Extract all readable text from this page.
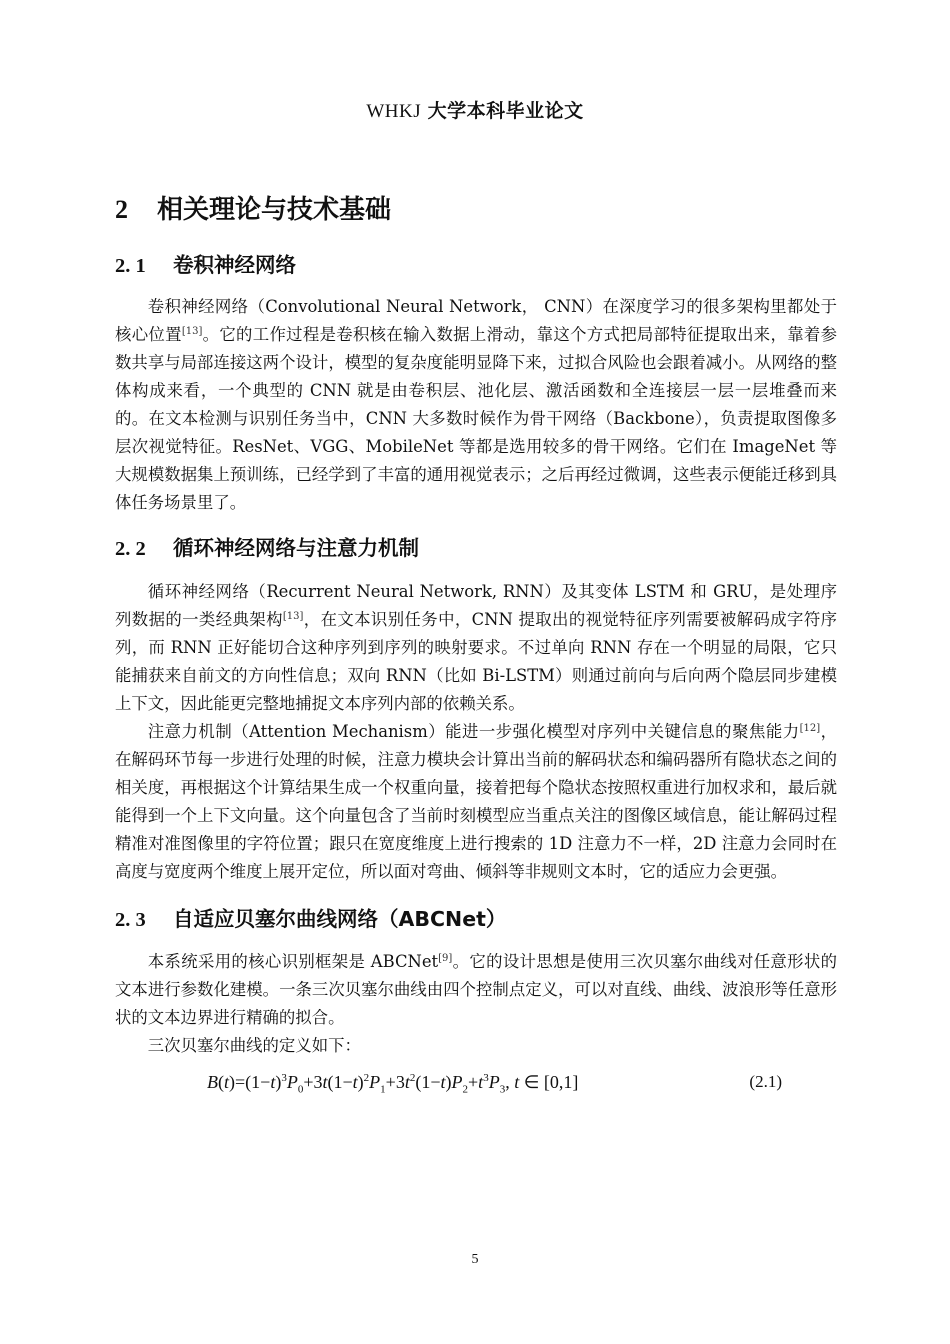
WHKJ 大学本科毕业论文
2 相关理论与技术基础
2. 1 卷积神经网络

卷积神经网络（Convolutional Neural Network， CNN）在深度学习的很多架构里都处于核心位置[13]。它的工作过程是卷积核在输入数据上滑动，靠这个方式把局部特征提取出来，靠着参数共享与局部连接这两个设计，模型的复杂度能明显降下来，过拟合风险也会跟着减小。从网络的整体构成来看，一个典型的 CNN 就是由卷积层、池化层、激活函数和全连接层一层一层堆叠而来的。在文本检测与识别任务当中，CNN 大多数时候作为骨干网络（Backbone），负责提取图像多层次视觉特征。ResNet、VGG、MobileNet 等都是选用较多的骨干网络。它们在 ImageNet 等大规模数据集上预训练，已经学到了丰富的通用视觉表示；之后再经过微调，这些表示便能迁移到具体任务场景里了。

2. 2 循环神经网络与注意力机制

循环神经网络（Recurrent Neural Network, RNN）及其变体 LSTM 和 GRU，是处理序列数据的一类经典架构[13]，在文本识别任务中，CNN 提取出的视觉特征序列需要被解码成字符序列，而 RNN 正好能切合这种序列到序列的映射要求。不过单向 RNN 存在一个明显的局限，它只能捕获来自前文的方向性信息；双向 RNN（比如 Bi-LSTM）则通过前向与后向两个隐层同步建模上下文，因此能更完整地捕捉文本序列内部的依赖关系。

注意力机制（Attention Mechanism）能进一步强化模型对序列中关键信息的聚焦能力[12]，在解码环节每一步进行处理的时候，注意力模块会计算出当前的解码状态和编码器所有隐状态之间的相关度，再根据这个计算结果生成一个权重向量，接着把每个隐状态按照权重进行加权求和，最后就能得到一个上下文向量。这个向量包含了当前时刻模型应当重点关注的图像区域信息，能让解码过程精准对准图像里的字符位置；跟只在宽度维度上进行搜索的 1D 注意力不一样，2D 注意力会同时在高度与宽度两个维度上展开定位，所以面对弯曲、倾斜等非规则文本时，它的适应力会更强。

2. 3 自适应贝塞尔曲线网络（ABCNet）

本系统采用的核心识别框架是 ABCNet[9]。它的设计思想是使用三次贝塞尔曲线对任意形状的文本进行参数化建模。一条三次贝塞尔曲线由四个控制点定义，可以对直线、曲线、波浪形等任意形状的文本边界进行精确的拟合。

三次贝塞尔曲线的定义如下：

$B(t)=(1-t)^3P_0+3t(1-t)^2P_1+3t^2(1-t)P_2+t^3P_3$, t ∈ [0,1]	(2.1)
5
